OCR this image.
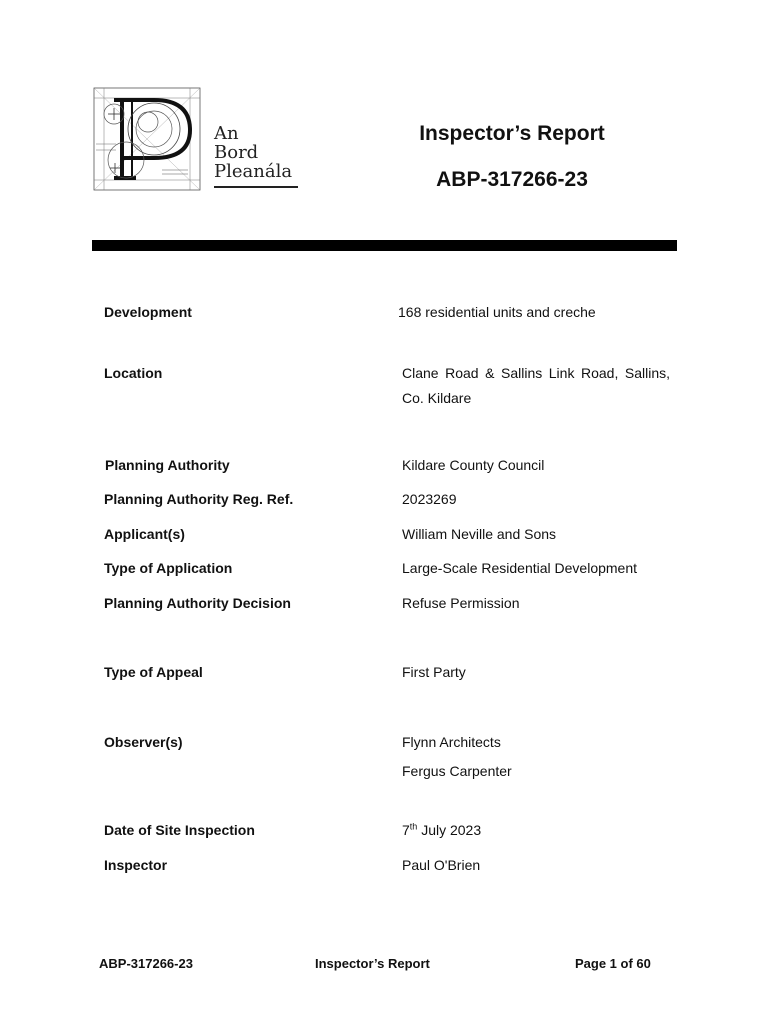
An
Bord
Pleanála
Inspector’s Report
ABP-317266-23
Development	168 residential units and creche
Location	Clane Road & Sallins Link Road, Sallins, Co. Kildare
Planning Authority	Kildare County Council
Planning Authority Reg. Ref.	2023269
Applicant(s)	William Neville and Sons
Type of Application	Large-Scale Residential Development
Planning Authority Decision	Refuse Permission
Type of Appeal	First Party
Observer(s)	Flynn Architects
Fergus Carpenter
Date of Site Inspection	7th July 2023
Inspector	Paul O'Brien
ABP-317266-23	Inspector’s Report	Page 1 of 60
